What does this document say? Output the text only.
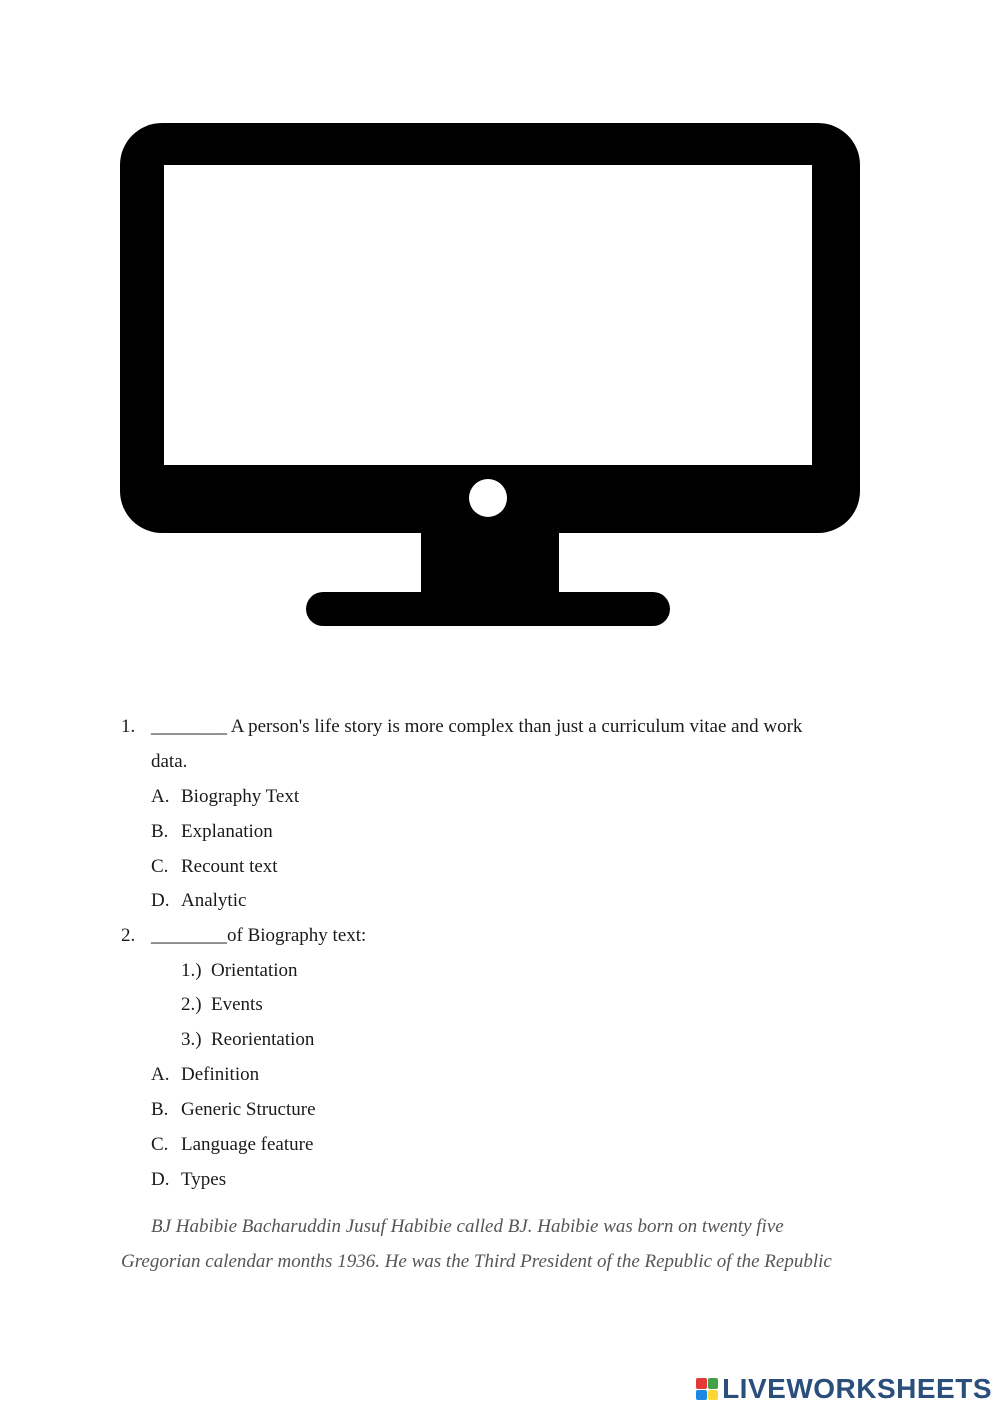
1. ________ A person's life story is more complex than just a curriculum vitae and work
data.
A. Biography Text
B. Explanation
C. Recount text
D. Analytic
2. ________of Biography text:
1.) Orientation
2.) Events
3.) Reorientation
A. Definition
B. Generic Structure
C. Language feature
D. Types
BJ Habibie Bacharuddin Jusuf Habibie called BJ. Habibie was born on twenty five
Gregorian calendar months 1936. He was the Third President of the Republic of the Republic
LIVEWORKSHEETS
